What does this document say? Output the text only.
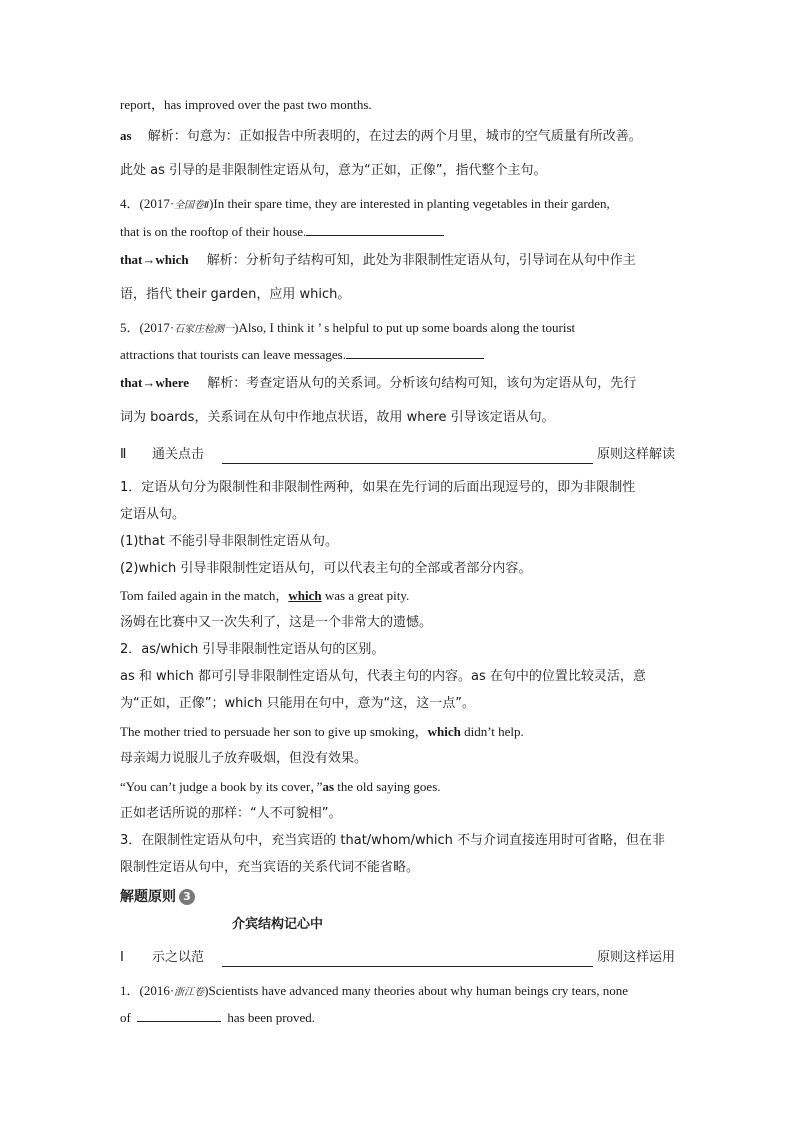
report，has improved over the past two months.
as 解析：句意为：正如报告中所表明的，在过去的两个月里，城市的空气质量有所改善。
此处 as 引导的是非限制性定语从句，意为“正如，正像”，指代整个主句。
4．(2017·全国卷Ⅱ)In their spare time, they are interested in planting vegetables in their garden,
that is on the rooftop of their house.
that→which 解析：分析句子结构可知，此处为非限制性定语从句，引导词在从句中作主
语，指代 their garden，应用 which。
5．(2017·石家庄检测一)Also, I think it ’ s helpful to put up some boards along the tourist
attractions that tourists can leave messages.
that→where 解析：考查定语从句的关系词。分析该句结构可知，该句为定语从句，先行
词为 boards，关系词在从句中作地点状语，故用 where 引导该定语从句。
Ⅱ	通关点击	原则这样解读
1．定语从句分为限制性和非限制性两种，如果在先行词的后面出现逗号的，即为非限制性
定语从句。
(1)that 不能引导非限制性定语从句。
(2)which 引导非限制性定语从句，可以代表主句的全部或者部分内容。
Tom failed again in the match，which was a great pity.
汤姆在比赛中又一次失利了，这是一个非常大的遗憾。
2．as/which 引导非限制性定语从句的区别。
as 和 which 都可引导非限制性定语从句，代表主句的内容。as 在句中的位置比较灵活，意
为“正如，正像”；which 只能用在句中，意为“这，这一点”。
The mother tried to persuade her son to give up smoking，which didn’t help.
母亲竭力说服儿子放弃吸烟，但没有效果。
“You can’t judge a book by its cover，”as the old saying goes.
正如老话所说的那样：“人不可貌相”。
3．在限制性定语从句中，充当宾语的 that/whom/which 不与介词直接连用时可省略，但在非
限制性定语从句中，充当宾语的关系代词不能省略。
解题原则 3
介宾结构记心中
Ⅰ	示之以范	原则这样运用
1．(2016·浙江卷)Scientists have advanced many theories about why human beings cry tears, none
of	has been proved.
